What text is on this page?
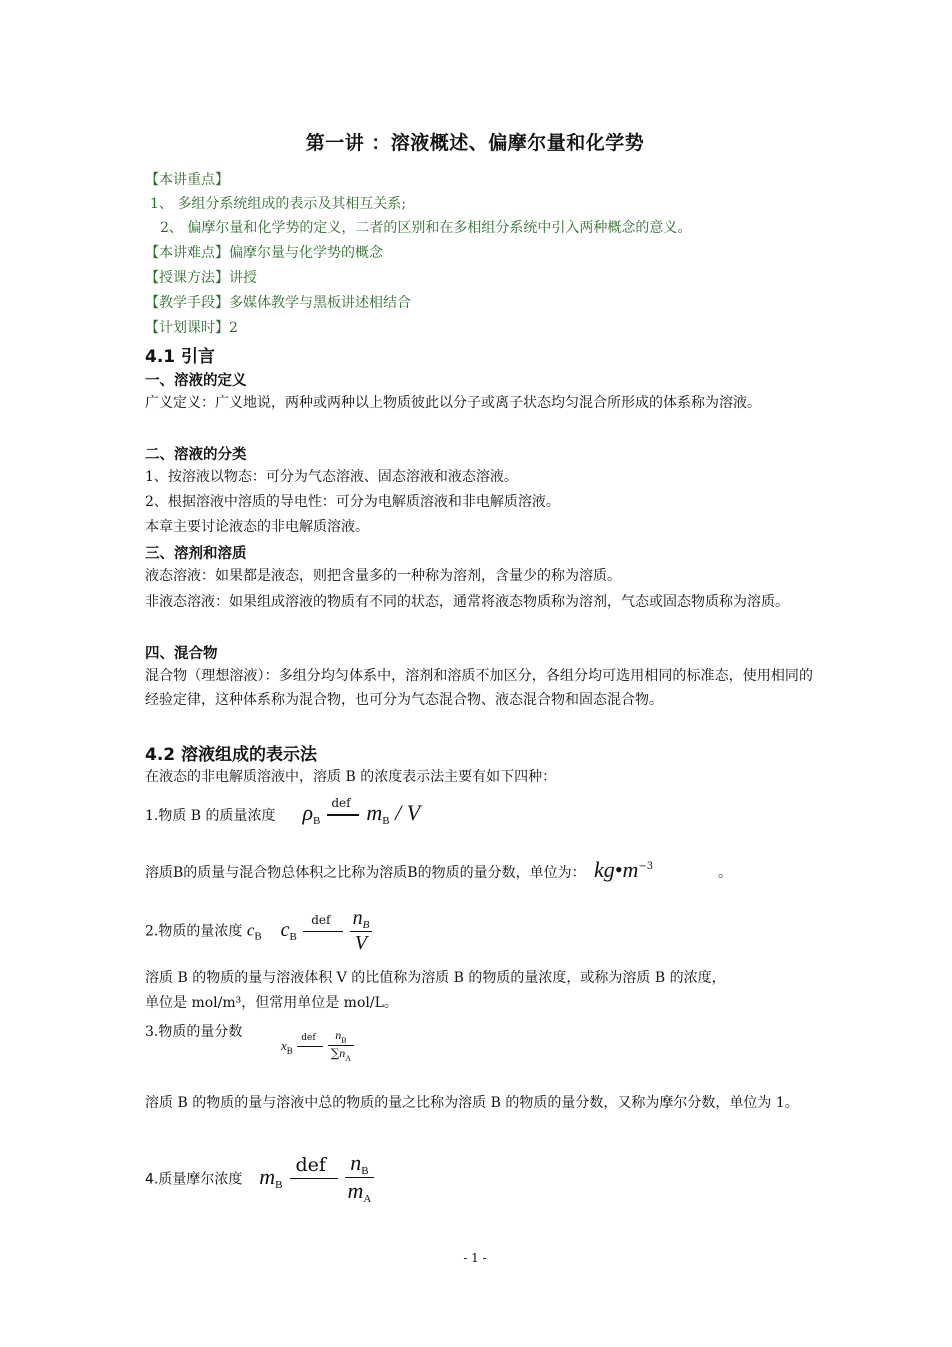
第一讲 ：溶液概述、偏摩尔量和化学势
【本讲重点】
1、 多组分系统组成的表示及其相互关系;
2、 偏摩尔量和化学势的定义，二者的区别和在多相组分系统中引入两种概念的意义。
【本讲难点】偏摩尔量与化学势的概念
【授课方法】讲授
【教学手段】多媒体教学与黑板讲述相结合
【计划课时】2
4.1 引言
一、溶液的定义
广义定义：广义地说，两种或两种以上物质彼此以分子或离子状态均匀混合所形成的体系称为溶液。
二、溶液的分类
1、按溶液以物态：可分为气态溶液、固态溶液和液态溶液。
2、根据溶液中溶质的导电性：可分为电解质溶液和非电解质溶液。
本章主要讨论液态的非电解质溶液。
三、溶剂和溶质
液态溶液：如果都是液态，则把含量多的一种称为溶剂，含量少的称为溶质。
非液态溶液：如果组成溶液的物质有不同的状态，通常将液态物质称为溶剂，气态或固态物质称为溶质。
四、混合物
混合物（理想溶液）：多组分均匀体系中，溶剂和溶质不加区分，各组分均可选用相同的标准态，使用相同的经验定律，这种体系称为混合物，也可分为气态混合物、液态混合物和固态混合物。
4.2 溶液组成的表示法
在液态的非电解质溶液中，溶质 B 的浓度表示法主要有如下四种：
1.物质 B 的质量浓度 $\rho_B$
def $m_B$ / V
溶质B的质量与混合物总体积之比称为溶质B的物质的量分数，单位为： $kg•m^{-3}$	。
2.物质的量浓度 $c_B$ $c_B$
def
$\frac{n_B}{V}$
溶质 B 的物质的量与溶液体积 V 的比值称为溶质 B 的物质的量浓度，或称为溶质 B 的浓度，
单位是 mol/m³，但常用单位是 mol/L。
3.物质的量分数
$x_B$
def
$\frac{n_B}{\sum n_A}$
溶质 B 的物质的量与溶液中总的物质的量之比称为溶质 B 的物质的量分数，又称为摩尔分数，单位为 1。
4.质量摩尔浓度 $m_B$
def
$\frac{n_B}{m_A}$
- 1 -
